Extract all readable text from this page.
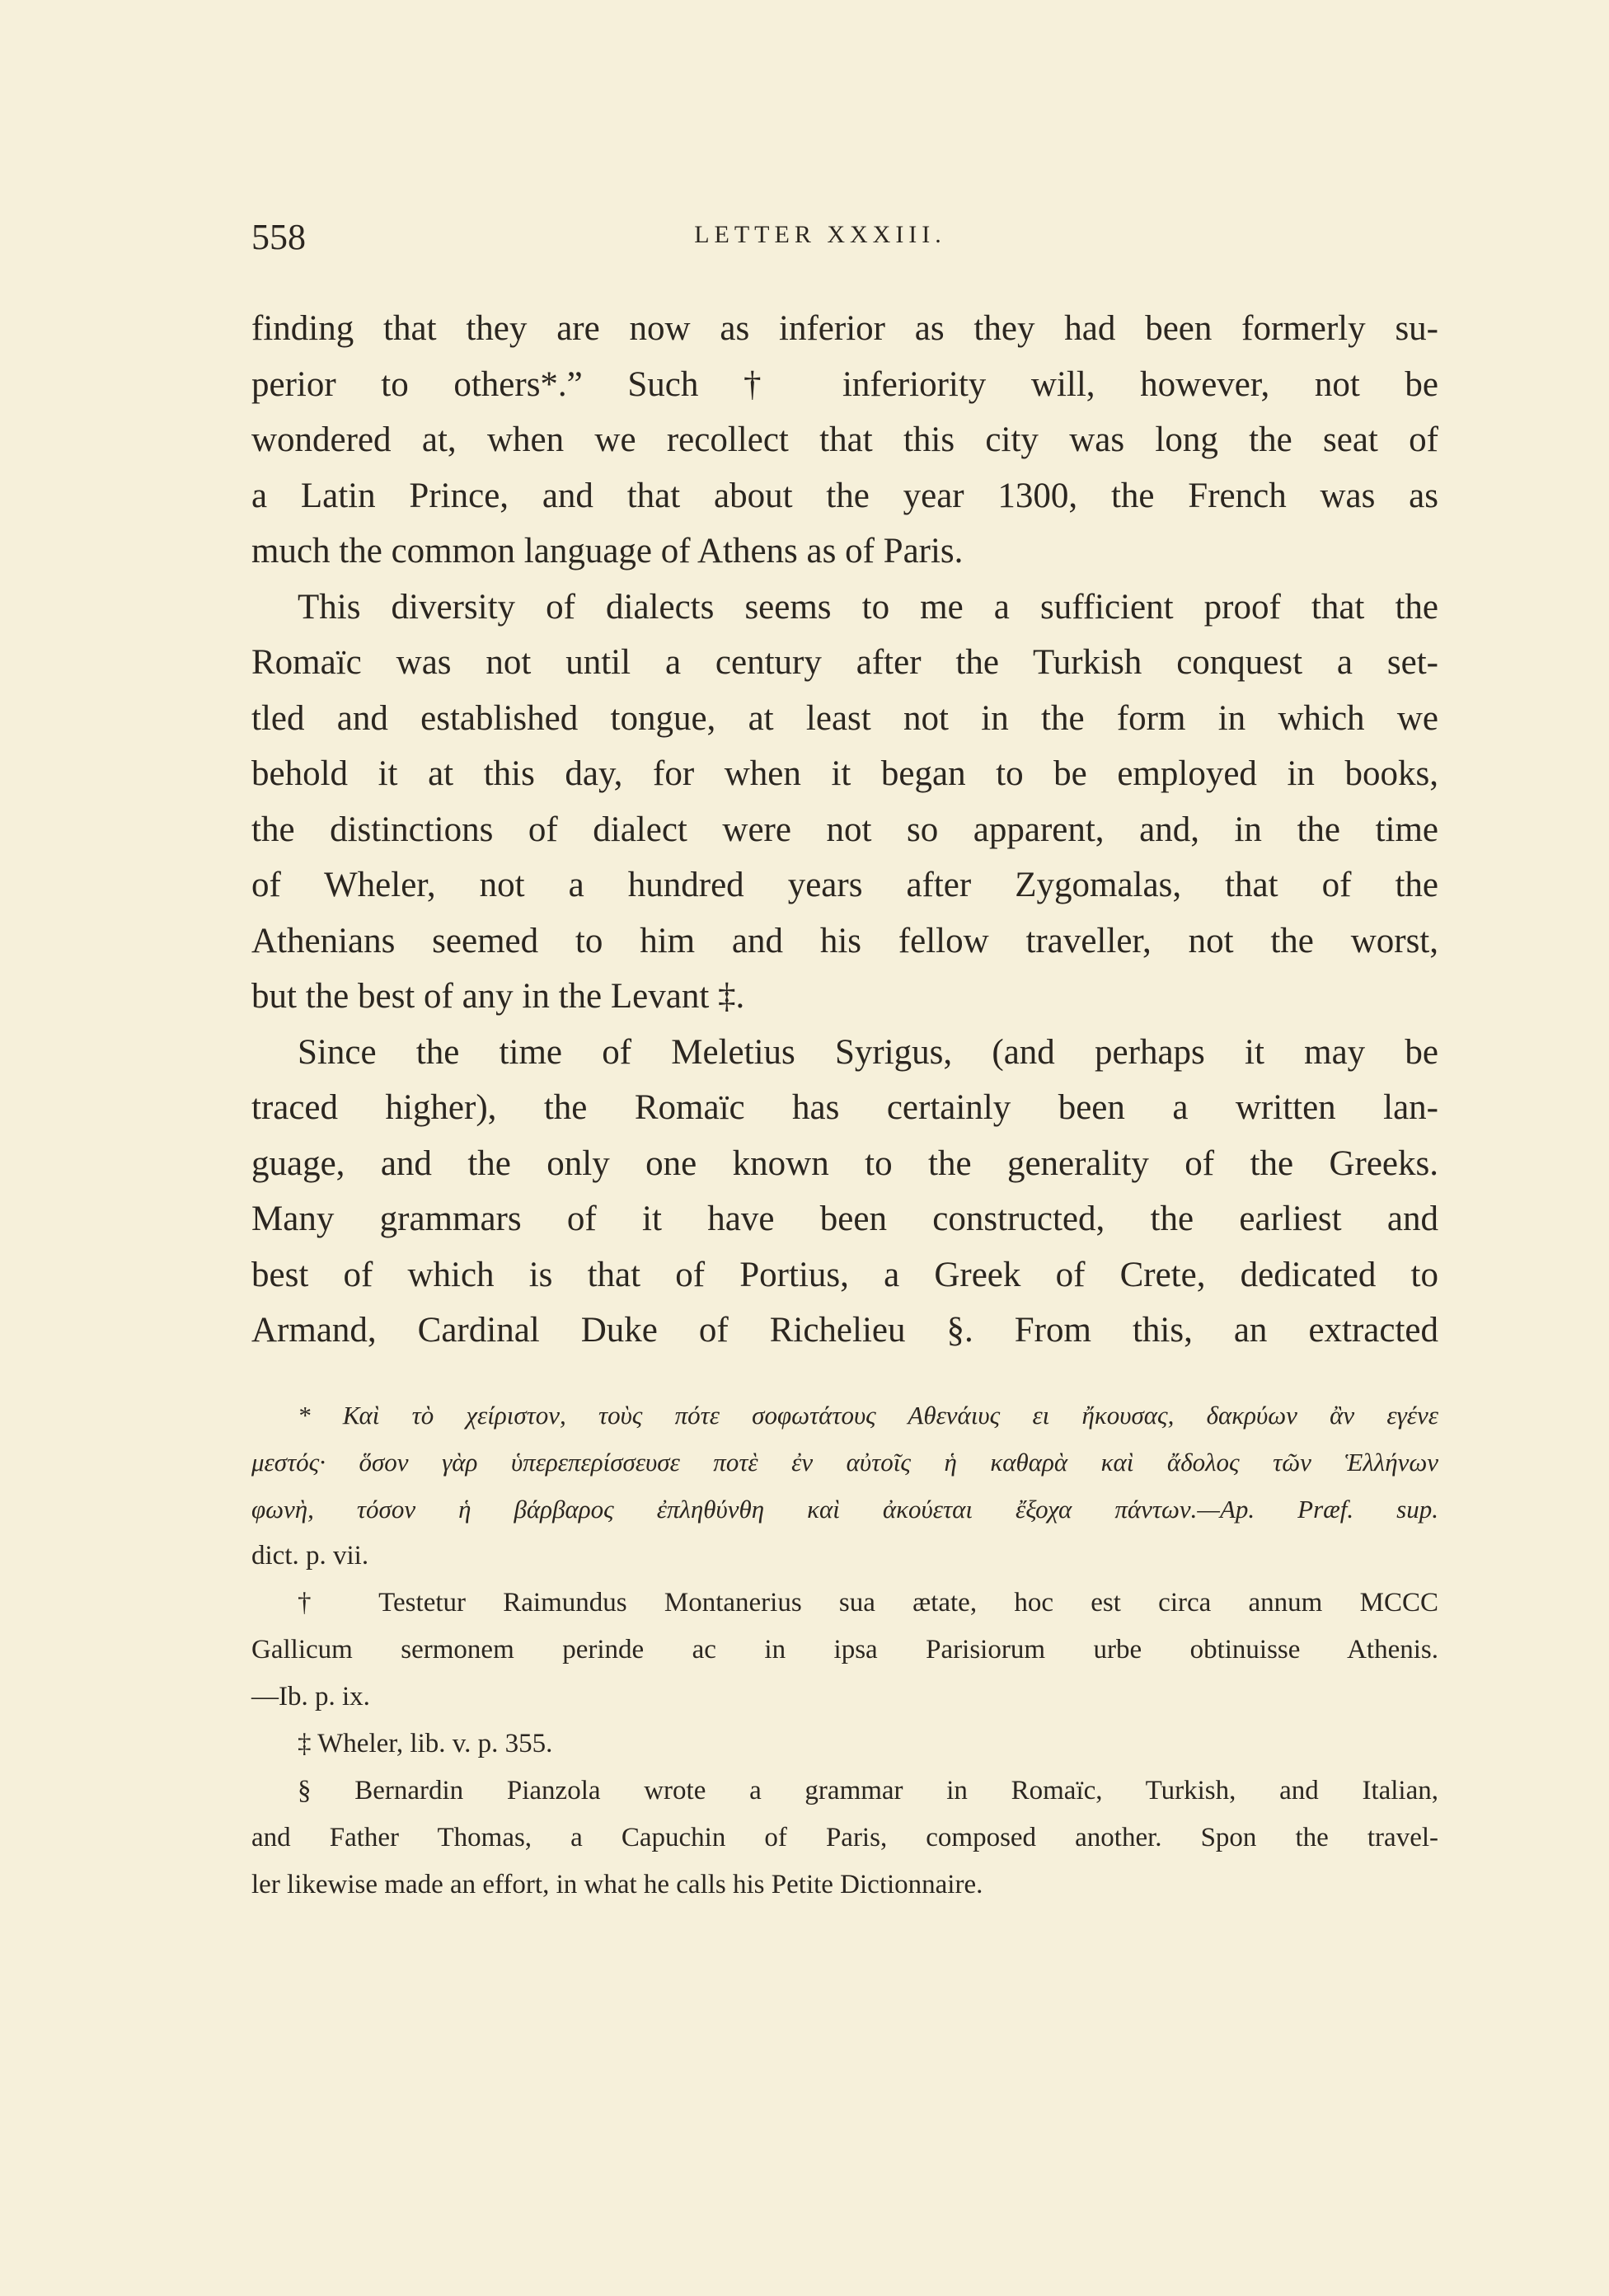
558	LETTER XXXIII.
finding that they are now as inferior as they had been formerly su-
perior to others*.” Such † inferiority will, however, not be
wondered at, when we recollect that this city was long the seat of
a Latin Prince, and that about the year 1300, the French was as
much the common language of Athens as of Paris.
This diversity of dialects seems to me a sufficient proof that the
Romaïc was not until a century after the Turkish conquest a set-
tled and established tongue, at least not in the form in which we
behold it at this day, for when it began to be employed in books,
the distinctions of dialect were not so apparent, and, in the time
of Wheler, not a hundred years after Zygomalas, that of the
Athenians seemed to him and his fellow traveller, not the worst,
but the best of any in the Levant ‡.
Since the time of Meletius Syrigus, (and perhaps it may be
traced higher), the Romaïc has certainly been a written lan-
guage, and the only one known to the generality of the Greeks.
Many grammars of it have been constructed, the earliest and
best of which is that of Portius, a Greek of Crete, dedicated to
Armand, Cardinal Duke of Richelieu §. From this, an extracted
* Καὶ τὸ χείριστον, τοὺς πότε σοφωτάτους Αθενάιυς ει ἤκουσας, δακρύων ἂν εγένε
μεστός· ὅσον γὰρ ὑπερεπερίσσευσε ποτὲ ἐν αὐτοῖς ἡ καθαρὰ καὶ ἄδολος τῶν Ἑλλήνων
φωνὴ, τόσον ἡ βάρβαρος ἐπληθύνθη καὶ ἀκούεται ἔξοχα πάντων.—Ap. Præf. sup.
dict. p. vii.
† Testetur Raimundus Montanerius sua ætate, hoc est circa annum MCCC
Gallicum sermonem perinde ac in ipsa Parisiorum urbe obtinuisse Athenis.
—Ib. p. ix.
‡ Wheler, lib. v. p. 355.
§ Bernardin Pianzola wrote a grammar in Romaïc, Turkish, and Italian,
and Father Thomas, a Capuchin of Paris, composed another. Spon the travel-
ler likewise made an effort, in what he calls his Petite Dictionnaire.
